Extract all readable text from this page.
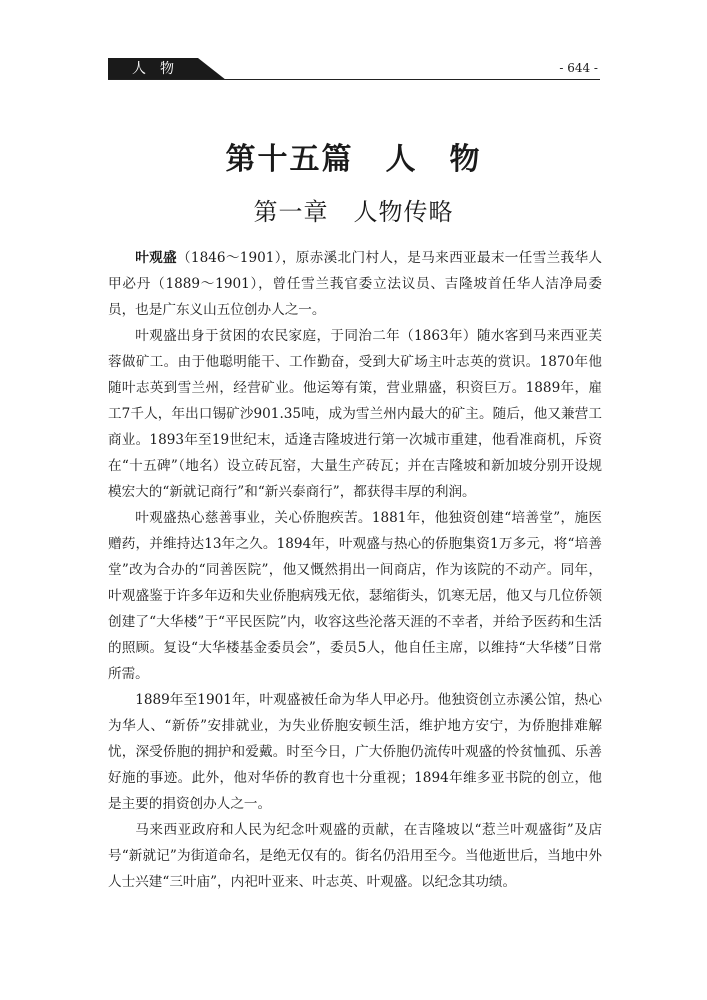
人物	- 644 -
第十五篇　人　物
第一章　人物传略

叶观盛（1846～1901），原赤溪北门村人，是马来西亚最末一任雪兰莪华人甲必丹（1889～1901），曾任雪兰莪官委立法议员、吉隆坡首任华人洁净局委员，也是广东义山五位创办人之一。

叶观盛出身于贫困的农民家庭，于同治二年（1863年）随水客到马来西亚芙蓉做矿工。由于他聪明能干、工作勤奋，受到大矿场主叶志英的赏识。1870年他随叶志英到雪兰州，经营矿业。他运筹有策，营业鼎盛，积资巨万。1889年，雇工7千人，年出口锡矿沙901.35吨，成为雪兰州内最大的矿主。随后，他又兼营工商业。1893年至19世纪末，适逢吉隆坡进行第一次城市重建，他看准商机，斥资在“十五碑”（地名）设立砖瓦窑，大量生产砖瓦；并在吉隆坡和新加坡分别开设规模宏大的“新就记商行”和“新兴泰商行”，都获得丰厚的利润。

叶观盛热心慈善事业，关心侨胞疾苦。1881年，他独资创建“培善堂”，施医赠药，并维持达13年之久。1894年，叶观盛与热心的侨胞集资1万多元，将“培善堂”改为合办的“同善医院”，他又慨然捐出一间商店，作为该院的不动产。同年，叶观盛鉴于许多年迈和失业侨胞病残无依，瑟缩街头，饥寒无居，他又与几位侨领创建了“大华楼”于“平民医院”内，收容这些沦落天涯的不幸者，并给予医药和生活的照顾。复设“大华楼基金委员会”，委员5人，他自任主席，以维持“大华楼”日常所需。

1889年至1901年，叶观盛被任命为华人甲必丹。他独资创立赤溪公馆，热心为华人、“新侨”安排就业，为失业侨胞安顿生活，维护地方安宁，为侨胞排难解忧，深受侨胞的拥护和爱戴。时至今日，广大侨胞仍流传叶观盛的怜贫恤孤、乐善好施的事迹。此外，他对华侨的教育也十分重视；1894年维多亚书院的创立，他是主要的捐资创办人之一。

马来西亚政府和人民为纪念叶观盛的贡献，在吉隆坡以“惹兰叶观盛街”及店号“新就记”为街道命名，是绝无仅有的。街名仍沿用至今。当他逝世后，当地中外人士兴建“三叶庙”，内祀叶亚来、叶志英、叶观盛。以纪念其功绩。
